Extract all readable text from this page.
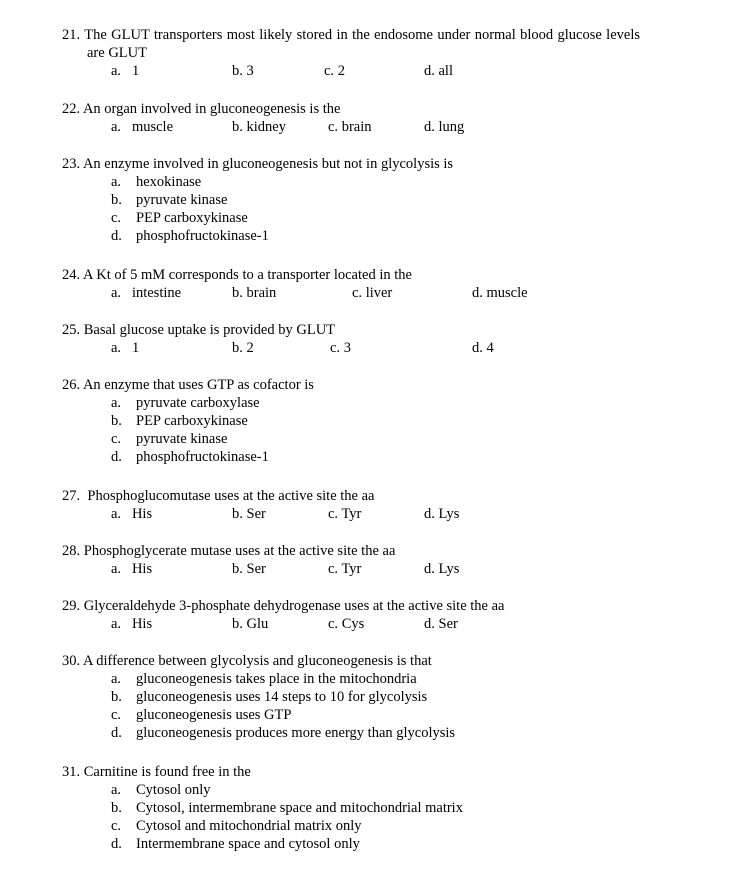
21. The GLUT transporters most likely stored in the endosome under normal blood glucose levels are GLUT
a. 1	b. 3	c. 2	d. all
22. An organ involved in gluconeogenesis is the
a. muscle	b. kidney	c. brain	d. lung
23. An enzyme involved in gluconeogenesis but not in glycolysis is
a. hexokinase
b. pyruvate kinase
c. PEP carboxykinase
d. phosphofructokinase-1
24. A Kt of 5 mM corresponds to a transporter located in the
a. intestine	b. brain	c. liver	d. muscle
25. Basal glucose uptake is provided by GLUT
a. 1	b. 2	c. 3	d. 4
26. An enzyme that uses GTP as cofactor is
a. pyruvate carboxylase
b. PEP carboxykinase
c. pyruvate kinase
d. phosphofructokinase-1
27. Phosphoglucomutase uses at the active site the aa
a. His	b. Ser	c. Tyr	d. Lys
28. Phosphoglycerate mutase uses at the active site the aa
a. His	b. Ser	c. Tyr	d. Lys
29. Glyceraldehyde 3-phosphate dehydrogenase uses at the active site the aa
a. His	b. Glu	c. Cys	d. Ser
30. A difference between glycolysis and gluconeogenesis is that
a. gluconeogenesis takes place in the mitochondria
b. gluconeogenesis uses 14 steps to 10 for glycolysis
c. gluconeogenesis uses GTP
d. gluconeogenesis produces more energy than glycolysis
31. Carnitine is found free in the
a. Cytosol only
b. Cytosol, intermembrane space and mitochondrial matrix
c. Cytosol and mitochondrial matrix only
d. Intermembrane space and cytosol only
